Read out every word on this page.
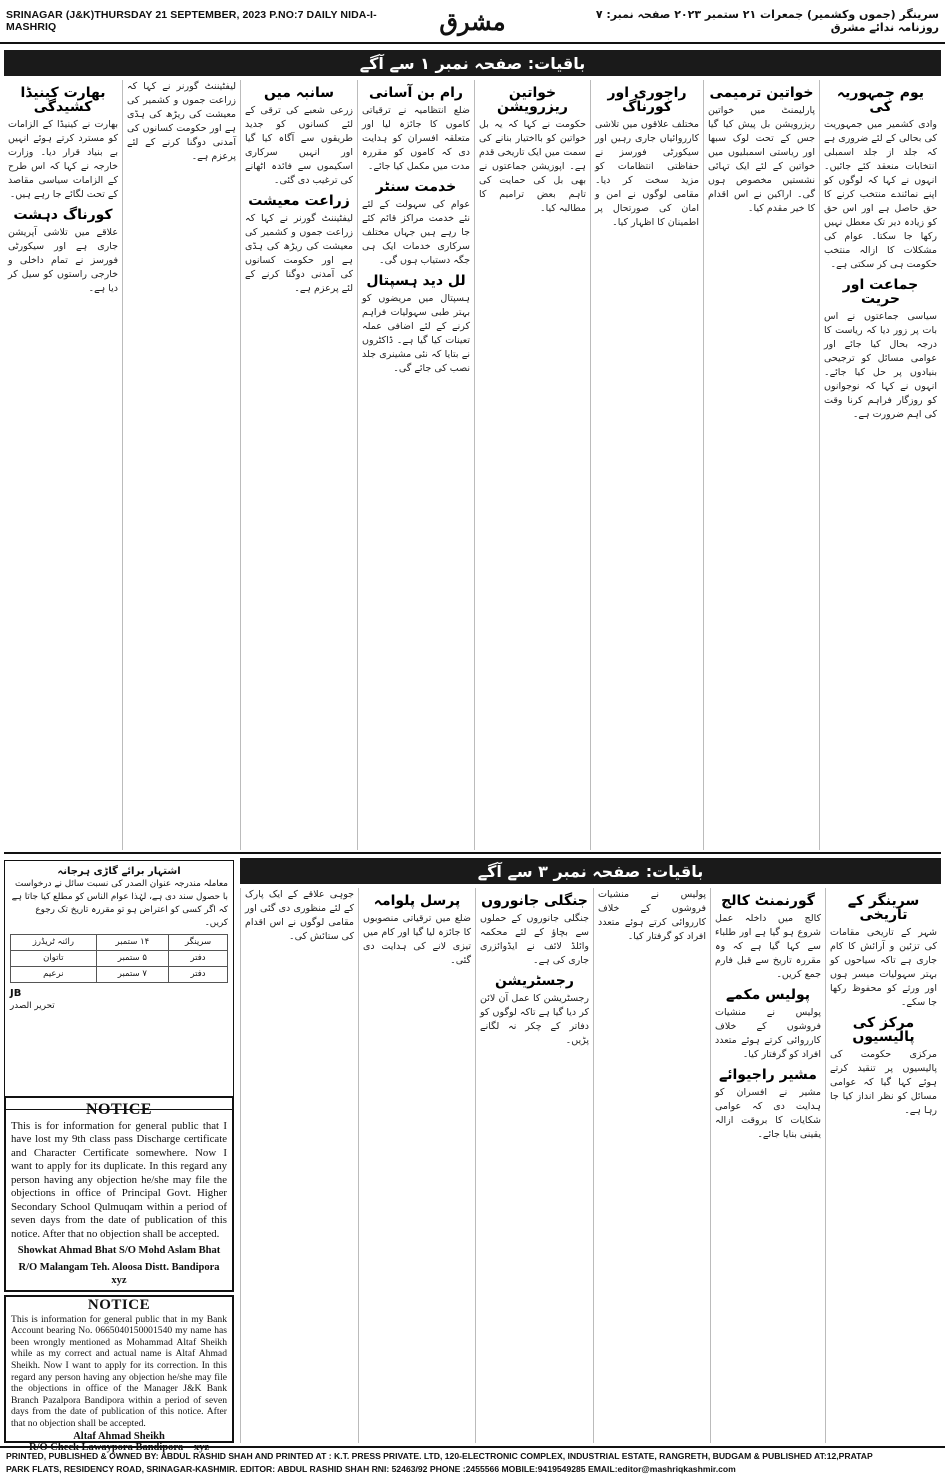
SRINAGAR (J&K)THURSDAY 21 SEPTEMBER, 2023 P.NO:7 DAILY NIDA-I-MASHRIQ	مشرق	سرینگر (جموں وکشمیر) جمعرات ۲۱ ستمبر ۲۰۲۳ صفحہ نمبر: ۷ روزنامہ ندائے مشرق
باقیات: صفحہ نمبر ۱ سے آگے
یوم جمہوریہ کی

وادی کشمیر میں جمہوریت کی بحالی کے لئے ضروری ہے کہ جلد از جلد اسمبلی انتخابات منعقد کئے جائیں۔ انہوں نے کہا کہ لوگوں کو اپنے نمائندے منتخب کرنے کا حق حاصل ہے اور اس حق کو زیادہ دیر تک معطل نہیں رکھا جا سکتا۔ عوام کی مشکلات کا ازالہ منتخب حکومت ہی کر سکتی ہے۔

جماعت اور حریت

سیاسی جماعتوں نے اس بات پر زور دیا کہ ریاست کا درجہ بحال کیا جائے اور عوامی مسائل کو ترجیحی بنیادوں پر حل کیا جائے۔ انہوں نے کہا کہ نوجوانوں کو روزگار فراہم کرنا وقت کی اہم ضرورت ہے۔

خواتین ترمیمی

پارلیمنٹ میں خواتین ریزرویشن بل پیش کیا گیا جس کے تحت لوک سبھا اور ریاستی اسمبلیوں میں خواتین کے لئے ایک تہائی نشستیں مخصوص ہوں گی۔ اراکین نے اس اقدام کا خیر مقدم کیا۔

راجوری اور کورناگ

مختلف علاقوں میں تلاشی کارروائیاں جاری رہیں اور سیکورٹی فورسز نے حفاظتی انتظامات کو مزید سخت کر دیا۔ مقامی لوگوں نے امن و امان کی صورتحال پر اطمینان کا اظہار کیا۔

خواتین ریزرویشن

حکومت نے کہا کہ یہ بل خواتین کو بااختیار بنانے کی سمت میں ایک تاریخی قدم ہے۔ اپوزیشن جماعتوں نے بھی بل کی حمایت کی تاہم بعض ترامیم کا مطالبہ کیا۔

رام بن آسانی

ضلع انتظامیہ نے ترقیاتی کاموں کا جائزہ لیا اور متعلقہ افسران کو ہدایت دی کہ کاموں کو مقررہ مدت میں مکمل کیا جائے۔

خدمت سنٹر

عوام کی سہولت کے لئے نئے خدمت مراکز قائم کئے جا رہے ہیں جہاں مختلف سرکاری خدمات ایک ہی جگہ دستیاب ہوں گی۔

لل دید ہسپتال

ہسپتال میں مریضوں کو بہتر طبی سہولیات فراہم کرنے کے لئے اضافی عملہ تعینات کیا گیا ہے۔ ڈاکٹروں نے بتایا کہ نئی مشینری جلد نصب کی جائے گی۔

سانبہ میں

زرعی شعبے کی ترقی کے لئے کسانوں کو جدید طریقوں سے آگاہ کیا گیا اور انہیں سرکاری اسکیموں سے فائدہ اٹھانے کی ترغیب دی گئی۔

زراعت معیشت

لیفٹیننٹ گورنر نے کہا کہ زراعت جموں و کشمیر کی معیشت کی ریڑھ کی ہڈی ہے اور حکومت کسانوں کی آمدنی دوگنا کرنے کے لئے پرعزم ہے۔

لیفٹیننٹ گورنر نے کہا کہ زراعت جموں و کشمیر کی معیشت کی ریڑھ کی ہڈی ہے اور حکومت کسانوں کی آمدنی دوگنا کرنے کے لئے پرعزم ہے۔

بھارت کینیڈا کشیدگی

بھارت نے کینیڈا کے الزامات کو مسترد کرتے ہوئے انہیں بے بنیاد قرار دیا۔ وزارت خارجہ نے کہا کہ اس طرح کے الزامات سیاسی مقاصد کے تحت لگائے جا رہے ہیں۔

کورناگ دہشت

علاقے میں تلاشی آپریشن جاری ہے اور سیکورٹی فورسز نے تمام داخلی و خارجی راستوں کو سیل کر دیا ہے۔

باقیات: صفحہ نمبر ۳ سے آگے
سرینگر کے تاریخی

شہر کے تاریخی مقامات کی تزئین و آرائش کا کام جاری ہے تاکہ سیاحوں کو بہتر سہولیات میسر ہوں اور ورثے کو محفوظ رکھا جا سکے۔

مرکز کی پالیسیوں

مرکزی حکومت کی پالیسیوں پر تنقید کرتے ہوئے کہا گیا کہ عوامی مسائل کو نظر انداز کیا جا رہا ہے۔

گورنمنٹ کالج

کالج میں داخلہ عمل شروع ہو گیا ہے اور طلباء سے کہا گیا ہے کہ وہ مقررہ تاریخ سے قبل فارم جمع کریں۔

پولیس مکمے

پولیس نے منشیات فروشوں کے خلاف کارروائی کرتے ہوئے متعدد افراد کو گرفتار کیا۔

مشیر راجیوائے

مشیر نے افسران کو ہدایت دی کہ عوامی شکایات کا بروقت ازالہ یقینی بنایا جائے۔

پولیس نے منشیات فروشوں کے خلاف کارروائی کرتے ہوئے متعدد افراد کو گرفتار کیا۔

جنگلی جانوروں

جنگلی جانوروں کے حملوں سے بچاؤ کے لئے محکمہ وائلڈ لائف نے ایڈوائزری جاری کی ہے۔

رجسٹریشن

رجسٹریشن کا عمل آن لائن کر دیا گیا ہے تاکہ لوگوں کو دفاتر کے چکر نہ لگانے پڑیں۔

پرسل پلوامہ

ضلع میں ترقیاتی منصوبوں کا جائزہ لیا گیا اور کام میں تیزی لانے کی ہدایت دی گئی۔

جوہی علاقے کے ایک پارک کے لئے منظوری دی گئی اور مقامی لوگوں نے اس اقدام کی ستائش کی۔

اشتہار برائے گاڑی ہرجانہ
معاملہ مندرجہ عنوان الصدر کی نسبت سائل نے درخواست با حصول سند دی ہے، لہٰذا عوام الناس کو مطلع کیا جاتا ہے کہ اگر کسی کو اعتراض ہو تو مقررہ تاریخ تک رجوع کریں۔
سرینگر	۱۴ ستمبر	رائنہ ٹریڈرز
دفتر	۵ ستمبر	تاتوان
دفتر	۷ ستمبر	نرعیم
JB
تحریر الصدر
NOTICE
This is for information for general public that I have lost my 9th class pass Discharge certificate and Character Certificate somewhere. Now I want to apply for its duplicate. In this regard any person having any objection he/she may file the objections in office of Principal Govt. Higher Secondary School Qulmuqam within a period of seven days from the date of publication of this notice. After that no objection shall be accepted.
Showkat Ahmad Bhat S/O Mohd Aslam Bhat
R/O Malangam Teh. Aloosa Distt. Bandipora xyz
NOTICE
This is information for general public that in my Bank Account bearing No. 0665040150001540 my name has been wrongly mentioned as Mohammad Altaf Sheikh while as my correct and actual name is Altaf Ahmad Sheikh. Now I want to apply for its correction. In this regard any person having any objection he/she may file the objections in office of the Manager J&K Bank Branch Pazalpora Bandipora within a period of seven days from the date of publication of this notice. After that no objection shall be accepted.
Altaf Ahmad Sheikh
R/O Check Lawaypora Bandipora xyz
PRINTED, PUBLISHED & OWNED BY: ABDUL RASHID SHAH AND PRINTED AT : K.T. PRESS PRIVATE. LTD, 120-ELECTRONIC COMPLEX, INDUSTRIAL ESTATE, RANGRETH, BUDGAM & PUBLISHED AT:12,PRATAP
PARK FLATS, RESIDENCY ROAD, SRINAGAR-KASHMIR. EDITOR: ABDUL RASHID SHAH RNI: 52463/92 PHONE :2455566 MOBILE:9419549285 EMAIL:editor@mashriqkashmir.com
